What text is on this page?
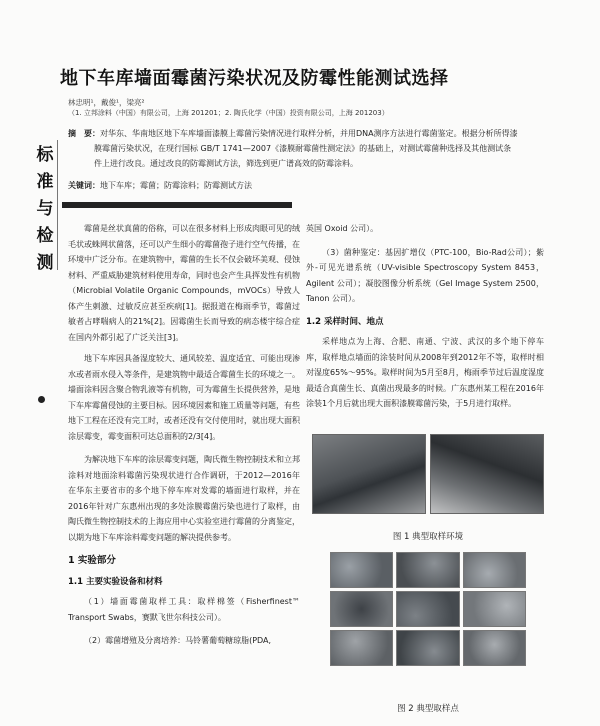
地下车库墙面霉菌污染状况及防霉性能测试选择
林忠明¹，戴俊¹，梁亮²
（1. 立邦涂料（中国）有限公司，上海 201201；2. 陶氏化学（中国）投资有限公司，上海 201203）
摘　要：对华东、华南地区地下车库墙面漆膜上霉菌污染情况进行取样分析，并用DNA测序方法进行霉菌鉴定。根据分析所得漆膜霉菌污染状况，在现行国标 GB/T 1741—2007《漆膜耐霉菌性测定法》的基础上，对测试霉菌种选择及其他测试条件上进行改良。通过改良的防霉测试方法，筛选到更广谱高效的防霉涂料。
关键词：地下车库；霉菌；防霉涂料；防霉测试方法
标
准
与
检
测

霉菌是丝状真菌的俗称，可以在很多材料上形成肉眼可见的绒毛状或蛛网状菌落，还可以产生细小的霉菌孢子进行空气传播，在环境中广泛分布。在建筑物中，霉菌的生长不仅会破坏美观、侵蚀材料、严重威胁建筑材料使用寿命，同时也会产生具挥发性有机物（Microbial Volatile Organic Compounds，mVOCs）导致人体产生刺激、过敏反应甚至疾病[1]。据报道在梅雨季节，霉菌过敏者占哮喘病人的21%[2]。因霉菌生长而导致的病态楼宇综合症在国内外都引起了广泛关注[3]。

地下车库因具备湿度较大、通风较差、温度适宜、可能出现渗水或者雨水侵入等条件，是建筑物中最适合霉菌生长的环境之一。墙面涂料因含聚合物乳液等有机物，可为霉菌生长提供营养，是地下车库霉菌侵蚀的主要目标。因环境因素和施工质量等问题，有些地下工程在还没有完工时，或者还没有交付使用时，就出现大面积涂层霉变，霉变面积可达总面积的2/3[4]。

为解决地下车库的涂层霉变问题，陶氏微生物控制技术和立邦涂料对地面涂料霉菌污染现状进行合作调研，于2012—2016年在华东主要省市的多个地下停车库对发霉的墙面进行取样，并在2016年针对广东惠州出现的多处涂膜霉菌污染也进行了取样，由陶氏微生物控制技术的上海应用中心实验室进行霉菌的分离鉴定，以期为地下车库涂料霉变问题的解决提供参考。

1 实验部分
1.1 主要实验设备和材料

（1）墙面霉菌取样工具：取样棉签（Fisherfinest™ Transport Swabs，赛默飞世尔科技公司）。

（2）霉菌增殖及分离培养：马铃薯葡萄糖琼脂(PDA,

英国 Oxoid 公司）。

（3）菌种鉴定：基因扩增仪（PTC-100，Bio-Rad公司）；紫外-可见光谱系统（UV-visible Spectroscopy System 8453，Agilent 公司）；凝胶图像分析系统（Gel Image System 2500，Tanon 公司）。

1.2 采样时间、地点

采样地点为上海、合肥、南通、宁波、武汉的多个地下停车库，取样地点墙面的涂装时间从2008年到2012年不等，取样时相对湿度65%～95%。取样时间为5月至8月，梅雨季节过后温度湿度最适合真菌生长、真菌出现最多的时候。广东惠州某工程在2016年涂装1个月后就出现大面积漆膜霉菌污染，于5月进行取样。

图 1 典型取样环境
图 2 典型取样点
